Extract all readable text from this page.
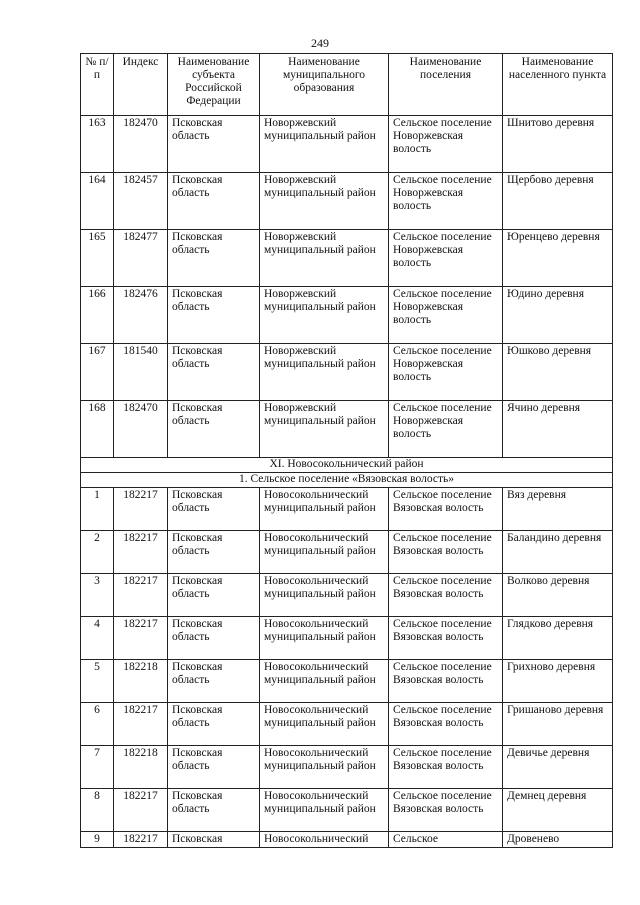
249
№ п/п	Индекс	Наименование субъекта Российской Федерации	Наименование муниципального образования	Наименование поселения	Наименование населенного пункта
163	182470	Псковская область	Новоржевский муниципальный район	Сельское поселение Новоржевская волость	Шнитово деревня
164	182457	Псковская область	Новоржевский муниципальный район	Сельское поселение Новоржевская волость	Щербово деревня
165	182477	Псковская область	Новоржевский муниципальный район	Сельское поселение Новоржевская волость	Юренцево деревня
166	182476	Псковская область	Новоржевский муниципальный район	Сельское поселение Новоржевская волость	Юдино деревня
167	181540	Псковская область	Новоржевский муниципальный район	Сельское поселение Новоржевская волость	Юшково деревня
168	182470	Псковская область	Новоржевский муниципальный район	Сельское поселение Новоржевская волость	Ячино деревня
XI. Новосокольнический район					
1. Сельское поселение «Вязовская волость»					
1	182217	Псковская область	Новосокольнический муниципальный район	Сельское поселение Вязовская волость	Вяз деревня
2	182217	Псковская область	Новосокольнический муниципальный район	Сельское поселение Вязовская волость	Баландино деревня
3	182217	Псковская область	Новосокольнический муниципальный район	Сельское поселение Вязовская волость	Волково деревня
4	182217	Псковская область	Новосокольнический муниципальный район	Сельское поселение Вязовская волость	Глядково деревня
5	182218	Псковская область	Новосокольнический муниципальный район	Сельское поселение Вязовская волость	Грихново деревня
6	182217	Псковская область	Новосокольнический муниципальный район	Сельское поселение Вязовская волость	Гришаново деревня
7	182218	Псковская область	Новосокольнический муниципальный район	Сельское поселение Вязовская волость	Девичье деревня
8	182217	Псковская область	Новосокольнический муниципальный район	Сельское поселение Вязовская волость	Демнец деревня
9	182217	Псковская	Новосокольнический	Сельское	Дровенево
